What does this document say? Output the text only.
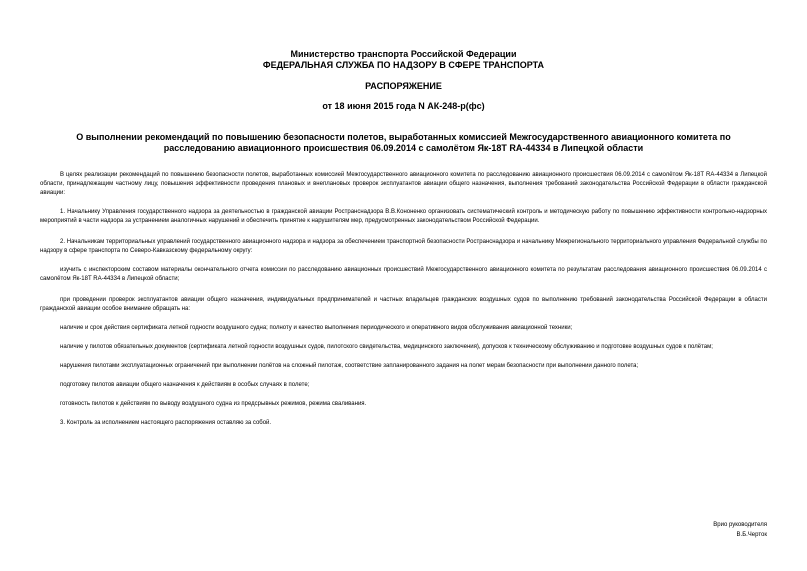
Министерство транспорта Российской Федерации
ФЕДЕРАЛЬНАЯ СЛУЖБА ПО НАДЗОРУ В СФЕРЕ ТРАНСПОРТА
РАСПОРЯЖЕНИЕ
от 18 июня 2015 года N АК-248-р(фс)
О выполнении рекомендаций по повышению безопасности полетов, выработанных комиссией Межгосударственного авиационного комитета по расследованию авиационного происшествия 06.09.2014 с самолётом Як-18Т RA-44334 в Липецкой области

В целях реализации рекомендаций по повышению безопасности полетов, выработанных комиссией Межгосударственного авиационного комитета по расследованию авиационного происшествия 06.09.2014 с самолётом Як-18Т RA-44334 в Липецкой области, принадлежащим частному лицу, повышения эффективности проведения плановых и внеплановых проверок эксплуатантов авиации общего назначения, выполнения требований законодательства Российской Федерации в области гражданской авиации:

1. Начальнику Управления государственного надзора за деятельностью в гражданской авиации Ространснадзора В.В.Кононенко организовать систематический контроль и методическую работу по повышению эффективности контрольно-надзорных мероприятий в части надзора за устранением аналогичных нарушений и обеспечить принятие к нарушителям мер, предусмотренных законодательством Российской Федерации.

2. Начальникам территориальных управлений государственного авиационного надзора и надзора за обеспечением транспортной безопасности Ространснадзора и начальнику Межрегионального территориального управления Федеральной службы по надзору в сфере транспорта по Северо-Кавказскому федеральному округу:

изучить с инспекторским составом материалы окончательного отчета комиссии по расследованию авиационных происшествий Межгосударственного авиационного комитета по результатам расследования авиационного происшествия 06.09.2014 с самолётом Як-18Т RA-44334 в Липецкой области;

при проведении проверок эксплуатантов авиации общего назначения, индивидуальных предпринимателей и частных владельцев гражданских воздушных судов по выполнению требований законодательства Российской Федерации в области гражданской авиации особое внимание обращать на:

наличие и срок действия сертификата летной годности воздушного судна; полноту и качество выполнения периодического и оперативного видов обслуживания авиационной техники;

наличие у пилотов обязательных документов (сертификата летной годности воздушных судов, пилотского свидетельства, медицинского заключения), допусков к техническому обслуживанию и подготовке воздушных судов к полётам;

нарушения пилотами эксплуатационных ограничений при выполнении полётов на сложный пилотаж, соответствие запланированного задания на полет мерам безопасности при выполнении данного полета;

подготовку пилотов авиации общего назначения к действиям в особых случаях в полете;

готовность пилотов к действиям по выводу воздушного судна из предсрывных режимов, режима сваливания.

3. Контроль за исполнением настоящего распоряжения оставляю за собой.

Врио руководителя
В.Б.Черток
